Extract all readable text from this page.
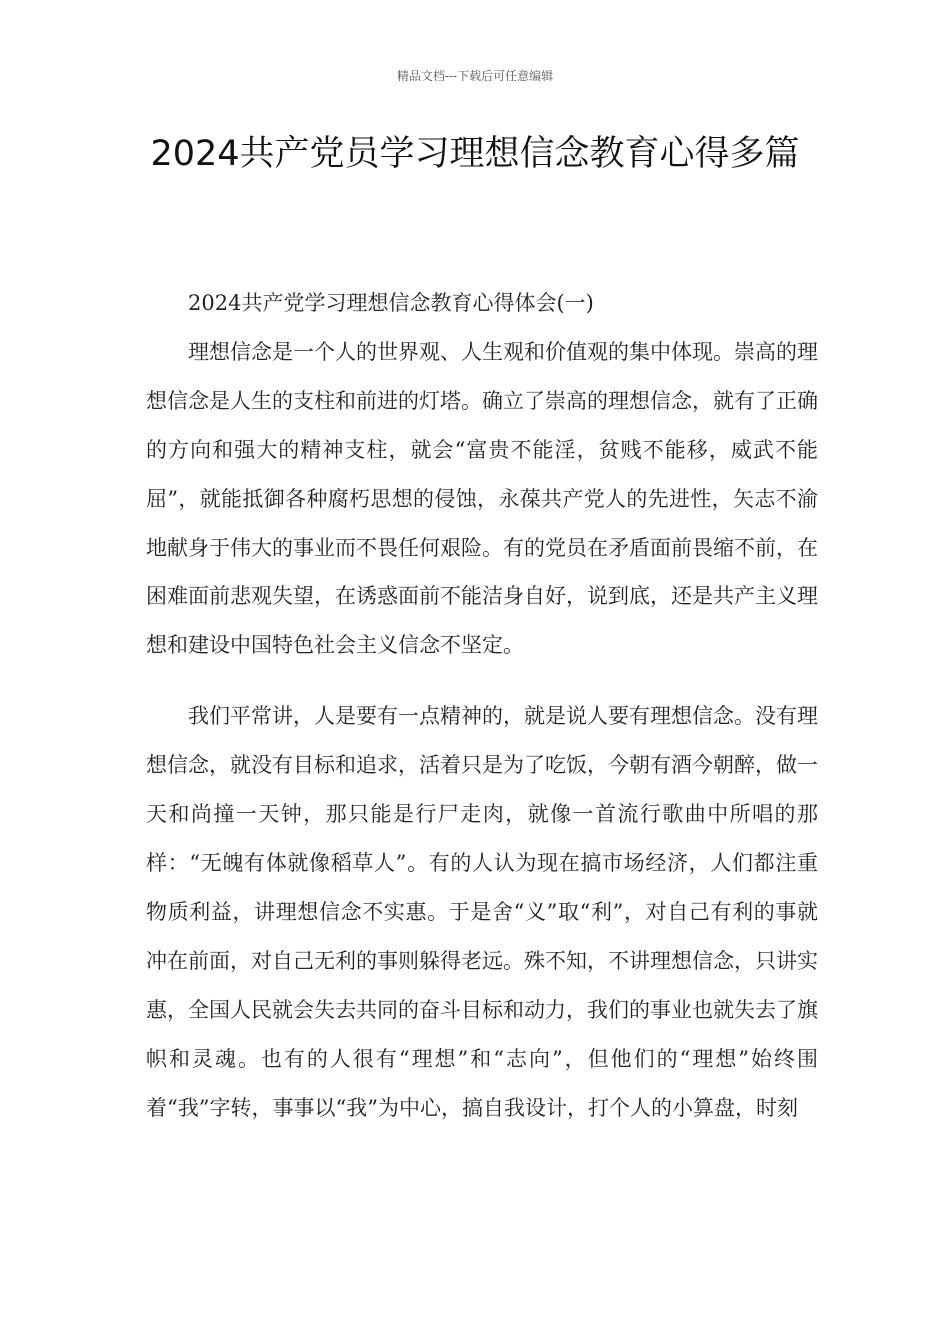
精品文档---下载后可任意编辑
2024共产党员学习理想信念教育心得多篇

2024共产党学习理想信念教育心得体会(一)

理想信念是一个人的世界观、人生观和价值观的集中体现。崇高的理想信念是人生的支柱和前进的灯塔。确立了崇高的理想信念，就有了正确的方向和强大的精神支柱，就会“富贵不能淫，贫贱不能移，威武不能屈”，就能抵御各种腐朽思想的侵蚀，永葆共产党人的先进性，矢志不渝地献身于伟大的事业而不畏任何艰险。有的党员在矛盾面前畏缩不前，在困难面前悲观失望，在诱惑面前不能洁身自好，说到底，还是共产主义理想和建设中国特色社会主义信念不坚定。

我们平常讲，人是要有一点精神的，就是说人要有理想信念。没有理想信念，就没有目标和追求，活着只是为了吃饭，今朝有酒今朝醉，做一天和尚撞一天钟，那只能是行尸走肉，就像一首流行歌曲中所唱的那样：“无魄有体就像稻草人”。有的人认为现在搞市场经济，人们都注重物质利益，讲理想信念不实惠。于是舍“义”取“利”，对自己有利的事就冲在前面，对自己无利的事则躲得老远。殊不知，不讲理想信念，只讲实惠，全国人民就会失去共同的奋斗目标和动力，我们的事业也就失去了旗帜和灵魂。也有的人很有“理想”和“志向”，但他们的“理想”始终围着“我”字转，事事以“我”为中心，搞自我设计，打个人的小算盘，时刻
